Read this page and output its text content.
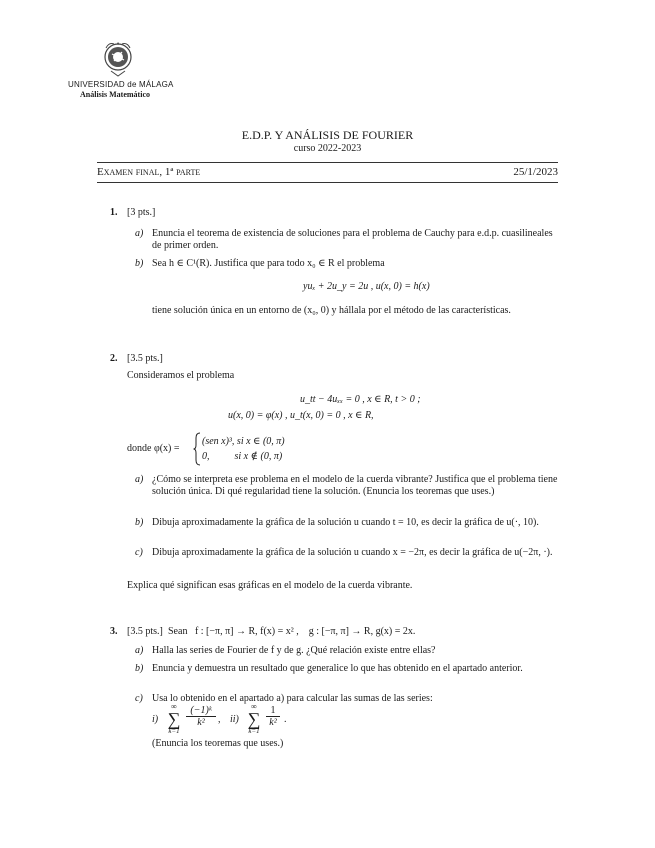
✝
UNIVERSIDAD de MÁLAGA
Análisis Matemático
E.D.P. Y ANÁLISIS DE FOURIER
curso 2022-2023
Examen final, 1ª parte	25/1/2023
1. [3 pts.]
a) Enuncia el teorema de existencia de soluciones para el problema de Cauchy para e.d.p. cuasilineales de primer orden.
b) Sea h ∈ C¹(R). Justifica que para todo x₀ ∈ R el problema
yuₓ + 2u_y = 2u , u(x, 0) = h(x)
tiene solución única en un entorno de (x₀, 0) y hállala por el método de las características.
2. [3.5 pts.]
Consideramos el problema
u_tt − 4uₓₓ = 0 , x ∈ R, t > 0 ;
u(x, 0) = φ(x) , u_t(x, 0) = 0 , x ∈ R,
donde φ(x) =
(sen x)³, si x ∈ (0, π)
0,          si x ∉ (0, π)
a) ¿Cómo se interpreta ese problema en el modelo de la cuerda vibrante? Justifica que el problema tiene solución única. Di qué regularidad tiene la solución. (Enuncia los teoremas que uses.)
b) Dibuja aproximadamente la gráfica de la solución u cuando t = 10, es decir la gráfica de u(·, 10).
c) Dibuja aproximadamente la gráfica de la solución u cuando x = −2π, es decir la gráfica de u(−2π, ·).
Explica qué significan esas gráficas en el modelo de la cuerda vibrante.
3. [3.5 pts.] Sean   f : [−π, π] → R, f(x) = x² ,    g : [−π, π] → R, g(x) = 2x.
a) Halla las series de Fourier de f y de g. ¿Qué relación existe entre ellas?
b) Enuncia y demuestra un resultado que generalice lo que has obtenido en el apartado anterior.
c) Usa lo obtenido en el apartado a) para calcular las sumas de las series:
i)
∞
∑
k=1
$\frac{\text{(−1)ᵏ}}{\text{k²}}$ , ii)
∞
∑
k=1
$\frac{1}{\text{k²}}$ .
(Enuncia los teoremas que uses.)
